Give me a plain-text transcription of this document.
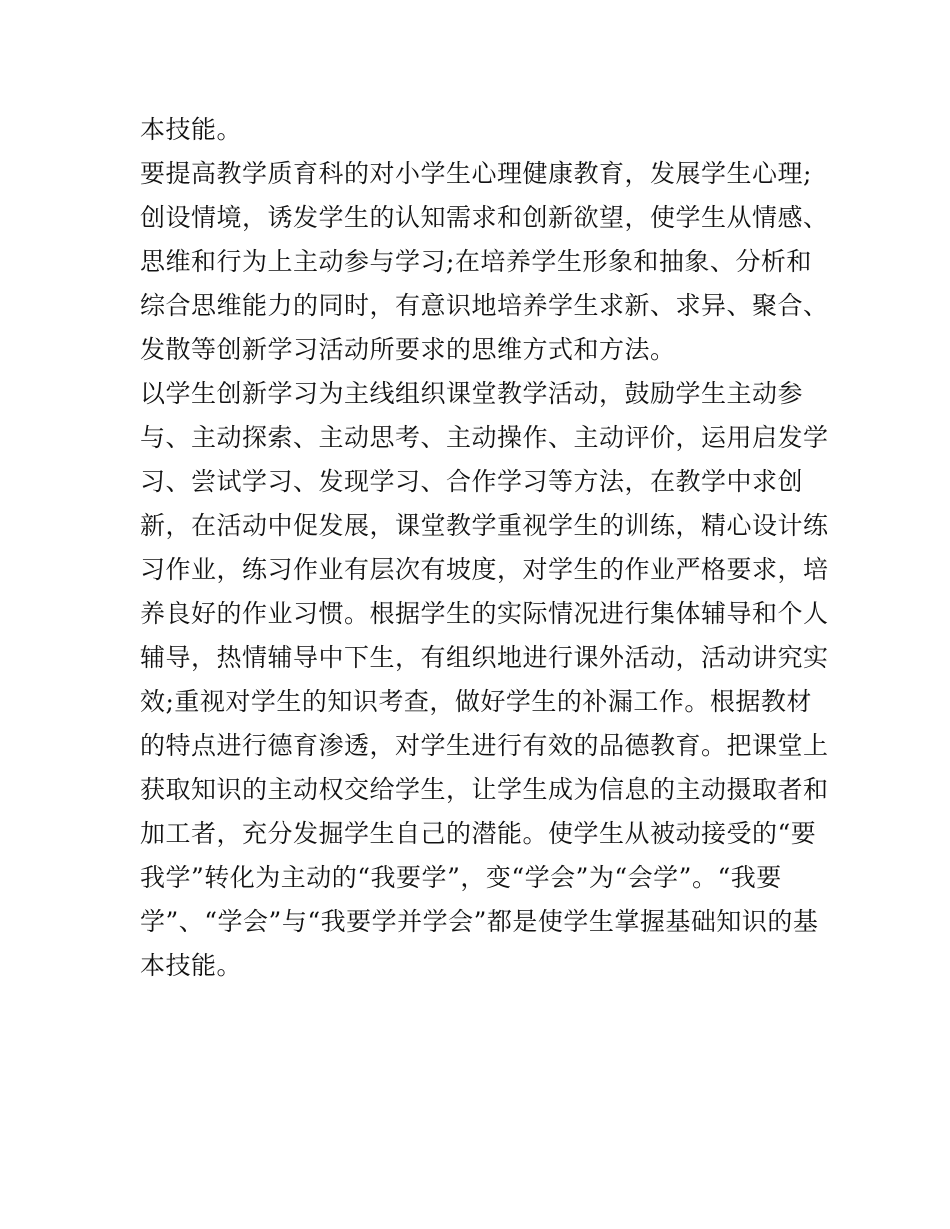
本技能。
要提高教学质育科的对小学生心理健康教育，发展学生心理;
创设情境，诱发学生的认知需求和创新欲望，使学生从情感、
思维和行为上主动参与学习;在培养学生形象和抽象、分析和
综合思维能力的同时，有意识地培养学生求新、求异、聚合、
发散等创新学习活动所要求的思维方式和方法。
以学生创新学习为主线组织课堂教学活动，鼓励学生主动参
与、主动探索、主动思考、主动操作、主动评价，运用启发学
习、尝试学习、发现学习、合作学习等方法，在教学中求创
新，在活动中促发展，课堂教学重视学生的训练，精心设计练
习作业，练习作业有层次有坡度，对学生的作业严格要求，培
养良好的作业习惯。根据学生的实际情况进行集体辅导和个人
辅导，热情辅导中下生，有组织地进行课外活动，活动讲究实
效;重视对学生的知识考查，做好学生的补漏工作。根据教材
的特点进行德育渗透，对学生进行有效的品德教育。把课堂上
获取知识的主动权交给学生，让学生成为信息的主动摄取者和
加工者，充分发掘学生自己的潜能。使学生从被动接受的“要
我学”转化为主动的“我要学”，变“学会”为“会学”。“我要
学”、“学会”与“我要学并学会”都是使学生掌握基础知识的基
本技能。
